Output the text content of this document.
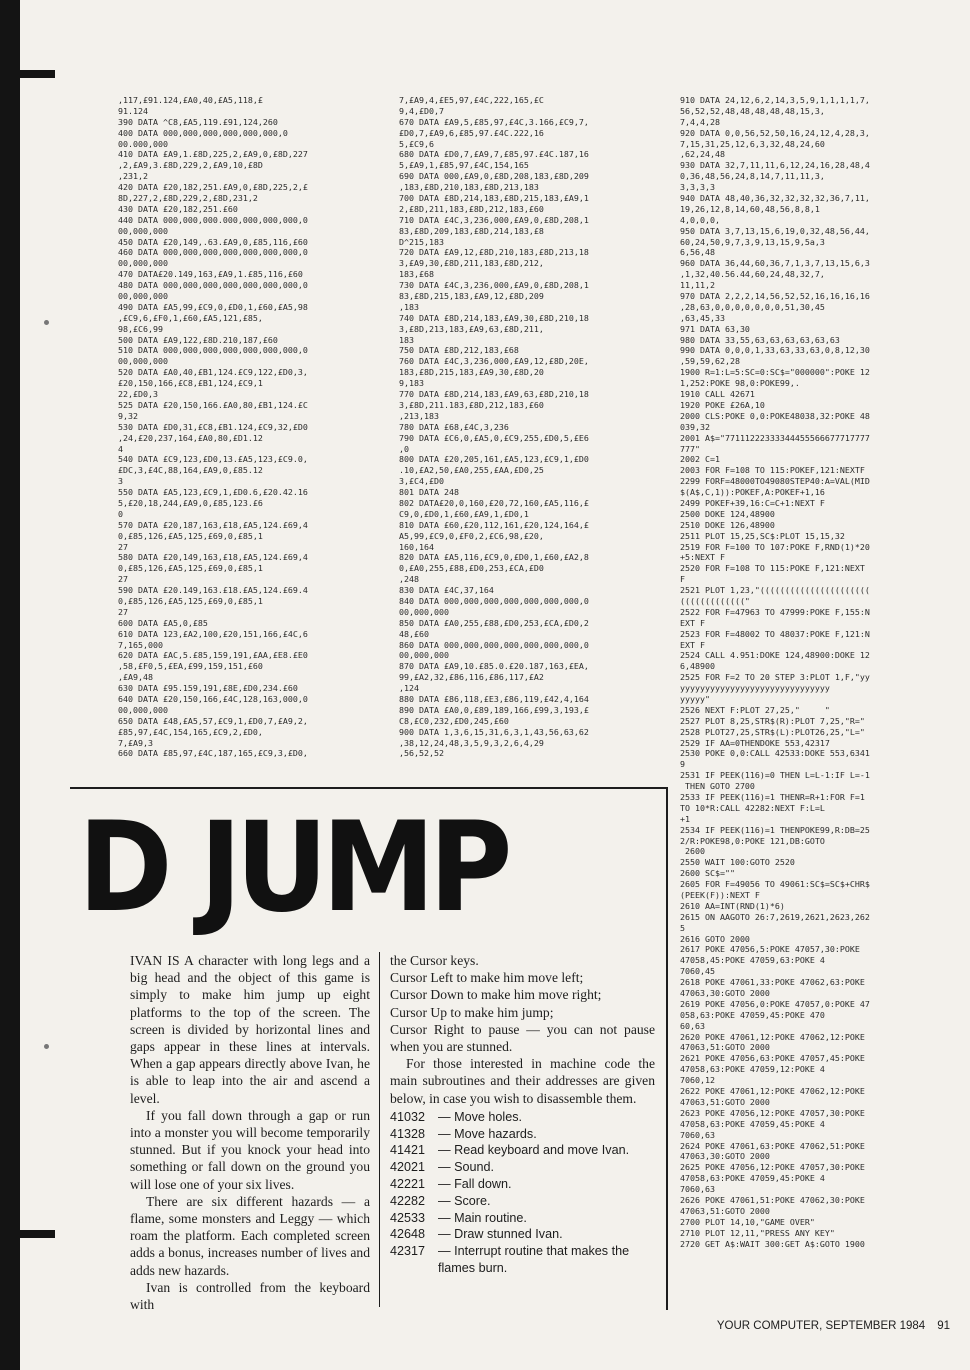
,117,£91.124,£A0,40,£A5,118,£
91.124
390 DATA ^C8,£A5,119.£91,124,260
400 DATA 000,000,000,000,000,000,0
00.000,000
410 DATA £A9,1.£8D,225,2,£A9,0,£8D,227
,2,£A9,3.£8D,229,2,£A9,10,£8D
,231,2
420 DATA £20,182,251.£A9,0,£8D,225,2,£
8D,227,2,£8D,229,2,£8D,231,2
430 DATA £20,182,251.£60
440 DATA 000,000,000.000,000,000,000,0
00,000,000
450 DATA £20,149,.63.£A9,0,£85,116,£60
460 DATA 000,000,000,000,000,000,000,0
00,000,000
470 DATA£20.149,163,£A9,1.£85,116,£60
480 DATA 000,000,000,000,000,000,000,0
00,000,000
490 DATA £A5,99,£C9,0,£D0,1,£60,£A5,98
,£C9,6,£F0,1,£60,£A5,121,£85,
98,£C6,99
500 DATA £A9,122,£8D.210,187,£60
510 DATA 000,000,000,000,000,000,000,0
00,000,000
520 DATA £A0,40,£B1,124.£C9,122,£D0,3,
£20,150,166,£C8,£B1,124,£C9,1
22,£D0,3
525 DATA £20,150,166.£A0,80,£B1,124.£C
9,32
530 DATA £D0,31,£C8,£B1.124,£C9,32,£D0
,24,£20,237,164,£A0,80,£D1.12
4
540 DATA £C9,123,£D0,13.£A5,123,£C9.0,
£DC,3,£4C,88,164,£A9,0,£85.12
3
550 DATA £A5,123,£C9,1,£D0.6,£20.42.16
5,£20,18,244,£A9,0,£85,123.£6
0
570 DATA £20,187,163,£18,£A5,124.£69,4
0,£85,126,£A5,125,£69,0,£85,1
27
580 DATA £20,149,163,£18,£A5,124.£69,4
0,£85,126,£A5,125,£69,0,£85,1
27
590 DATA £20.149,163.£18.£A5,124.£69.4
0,£85,126,£A5,125,£69,0,£85,1
27
600 DATA £A5,0,£85
610 DATA 123,£A2,100,£20,151,166,£4C,6
7,165,000
620 DATA £AC,5.£85,159,191,£AA,£E8.£E0
,58,£F0,5,£EA,£99,159,151,£60
,£A9,48
630 DATA £95.159,191,£8E,£D0,234.£60
640 DATA £20,150,166,£4C,128,163,000,0
00,000,000
650 DATA £48,£A5,57,£C9,1,£D0,7,£A9,2,
£85,97,£4C,154,165,£C9,2,£D0,
7,£A9,3
660 DATA £85,97,£4C,187,165,£C9,3,£D0,
7,£A9,4,£E5,97,£4C,222,165,£C
9,4,£D0,7
670 DATA £A9,5,£85,97,£4C,3.166,£C9,7,
£D0,7,£A9,6,£85,97.£4C.222,16
5,£C9,6
680 DATA £D0,7,£A9,7,£85,97.£4C.187,16
5,£A9,1,£85,97,£4C,154,165
690 DATA 000,£A9,0,£8D,208,183,£8D,209
,183,£8D,210,183,£8D,213,183
700 DATA £8D,214,183,£8D,215,183,£A9,1
2,£8D,211,183,£8D,212,183,£60
710 DATA £4C,3,236,000,£A9,0,£8D,208,1
83,£8D,209,183,£8D,214,183,£8
D^215,183
720 DATA £A9,12,£8D,210,183,£8D,213,18
3,£A9,30,£8D,211,183,£8D,212,
183,£68
730 DATA £4C,3,236,000,£A9,0,£8D,208,1
83,£8D,215,183,£A9,12,£8D,209
,183
740 DATA £8D,214,183,£A9,30,£8D,210,18
3,£8D,213,183,£A9,63,£8D,211,
183
750 DATA £8D,212,183,£68
760 DATA £4C,3,236,000,£A9,12,£8D,20E,
183,£8D,215,183,£A9,30,£8D,20
9,183
770 DATA £8D,214,183,£A9,63,£8D,210,18
3,£8D,211.183,£8D,212,183,£60
,213,183
780 DATA £68,£4C,3,236
790 DATA £C6,0,£A5,0,£C9,255,£D0,5,£E6
,0
800 DATA £20,205,161,£A5,123,£C9,1,£D0
.10,£A2,50,£A0,255,£AA,£D0,25
3,£C4,£D0
801 DATA 248
802 DATA£20,0,160,£20,72,160,£A5,116,£
C9,0,£D0,1,£60,£A9,1,£D0,1
810 DATA £60,£20,112,161,£20,124,164,£
A5,99,£C9,0,£F0,2,£C6,98,£20,
160,164
820 DATA £A5,116,£C9,0,£D0,1,£60,£A2,8
0,£A0,255,£88,£D0,253,£CA,£D0
,248
830 DATA £4C,37,164
840 DATA 000,000,000,000,000,000,000,0
00,000,000
850 DATA £A0,255,£88,£D0,253,£CA,£D0,2
48,£60
860 DATA 000,000,000,000,000,000,000,0
00,000,000
870 DATA £A9,10.£85.0.£20.187,163,£EA,
99,£A2,32,£86,116,£86,117,£A2
,124
880 DATA £86,118,£E3,£86,119,£42,4,164
890 DATA £A0,0,£89,189,166,£99,3,193,£
C8,£C0,232,£D0,245,£60
900 DATA 1,3,6,15,31,6,3,1,43,56,63,62
,38,12,24,48,3,5,9,3,2,6,4,29
,56,52,52
910 DATA 24,12,6,2,14,3,5,9,1,1,1,1,7,
56,52,52,48,48,48,48,48,15,3,
7,4,4,28
920 DATA 0,0,56,52,50,16,24,12,4,28,3,
7,15,31,25,12,6,3,32,48,24,60
,62,24,48
930 DATA 32,7,11,11,6,12,24,16,28,48,4
0,36,48,56,24,8,14,7,11,11,3,
3,3,3,3
940 DATA 48,40,36,32,32,32,32,36,7,11,
19,26,12,8,14,60,48,56,8,8,1
4,0,0,0,
950 DATA 3,7,13,15,6,19,0,32,48,56,44,
60,24,50,9,7,3,9,13,15,9,5a,3
6,56,48
960 DATA 36,44,60,36,7,1,3,7,13,15,6,3
,1,32,40.56.44,60,24,48,32,7,
11,11,2
970 DATA 2,2,2,14,56,52,52,16,16,16,16
,28,63,0,0,0,0,0,0,0,51,30,45
,63,45,33
971 DATA 63,30
980 DATA 33,55,63,63,63,63,63,63
990 DATA 0,0,0,1,33,63,33,63,0,8,12,30
,59,59,62,28
1900 R=1:L=5:SC=0:SC$="000000":POKE 12
1,252:POKE 98,0:POKE99,.
1910 CALL 42671
1920 POKE £26A,10
2000 CLS:POKE 0,0:POKE48038,32:POKE 48
039,32
2001 A$="77111222333344455566677717777
777"
2002 C=1
2003 FOR F=108 TO 115:POKEF,121:NEXTF
2299 FORF=48000TO49080STEP40:A=VAL(MID
$(A$,C,1)):POKEF,A:POKEF+1,16
2499 POKEF+39,16:C=C+1:NEXT F
2500 DOKE 124,48900
2510 DOKE 126,48900
2511 PLOT 15,25,SC$:PLOT 15,15,32
2519 FOR F=100 TO 107:POKE F,RND(1)*20
+5:NEXT F
2520 FOR F=108 TO 115:POKE F,121:NEXT
F
2521 PLOT 1,23,"((((((((((((((((((((((
((((((((((((("
2522 FOR F=47963 TO 47999:POKE F,155:N
EXT F
2523 FOR F=48002 TO 48037:POKE F,121:N
EXT F
2524 CALL 4.951:DOKE 124,48900:DOKE 12
6,48900
2525 FOR F=2 TO 20 STEP 3:PLOT 1,F,"yy
yyyyyyyyyyyyyyyyyyyyyyyyyyyyyy
yyyyy"
2526 NEXT F:PLOT 27,25,"     "
2527 PLOT 8,25,STR$(R):PLOT 7,25,"R="
2528 PLOT27,25,STR$(L):PLOT26,25,"L="
2529 IF AA=0THENDOKE 553,42317
2530 POKE 0,0:CALL 42533:DOKE 553,6341
9
2531 IF PEEK(116)=0 THEN L=L-1:IF L=-1
THEN GOTO 2700
2533 IF PEEK(116)=1 THENR=R+1:FOR F=1
TO 10*R:CALL 42282:NEXT F:L=L
+1
2534 IF PEEK(116)=1 THENPOKE99,R:DB=25
2/R:POKE98,0:POKE 121,DB:GOTO
2600
2550 WAIT 100:GOTO 2520
2600 SC$=""
2605 FOR F=49056 TO 49061:SC$=SC$+CHR$
(PEEK(F)):NEXT F
2610 AA=INT(RND(1)*6)
2615 ON AAGOTO 26:7,2619,2621,2623,262
5
2616 GOTO 2000
2617 POKE 47056,5:POKE 47057,30:POKE
47058,45:POKE 47059,63:POKE 4
7060,45
2618 POKE 47061,33:POKE 47062,63:POKE
47063,30:GOTO 2000
2619 POKE 47056,0:POKE 47057,0:POKE 47
058,63:POKE 47059,45:POKE 470
60,63
2620 POKE 47061,12:POKE 47062,12:POKE
47063,51:GOTO 2000
2621 POKE 47056,63:POKE 47057,45:POKE
47058,63:POKE 47059,12:POKE 4
7060,12
2622 POKE 47061,12:POKE 47062,12:POKE
47063,51:GOTO 2000
2623 POKE 47056,12:POKE 47057,30:POKE
47058,63:POKE 47059,45:POKE 4
7060,63
2624 POKE 47061,63:POKE 47062,51:POKE
47063,30:GOTO 2000
2625 POKE 47056,12:POKE 47057,30:POKE
47058,63:POKE 47059,45:POKE 4
7060,63
2626 POKE 47061,51:POKE 47062,30:POKE
47063,51:GOTO 2000
2700 PLOT 14,10,"GAME OVER"
2710 PLOT 12,11,"PRESS ANY KEY"
2720 GET A$:WAIT 300:GET A$:GOTO 1900
D JUMP

IVAN IS A character with long legs and a big head and the object of this game is simply to make him jump up eight platforms to the top of the screen. The screen is divided by horizontal lines and gaps appear in these lines at intervals. When a gap appears directly above Ivan, he is able to leap into the air and ascend a level.

If you fall down through a gap or run into a monster you will become temporarily stunned. But if you knock your head into something or fall down on the ground you will lose one of your six lives.

There are six different hazards — a flame, some monsters and Leggy — which roam the platform. Each completed screen adds a bonus, increases number of lives and adds new hazards.

Ivan is controlled from the keyboard with

the Cursor keys.

Cursor Left to make him move left;

Cursor Down to make him move right;

Cursor Up to make him jump;

Cursor Right to pause — you can not pause when you are stunned.

For those interested in machine code the main subroutines and their addresses are given below, in case you wish to disassemble them.

41032	— Move holes.
41328	— Move hazards.
41421	— Read keyboard and move Ivan.
42021	— Sound.
42221	— Fall down.
42282	— Score.
42533	— Main routine.
42648	— Draw stunned Ivan.
42317	— Interrupt routine that makes the flames burn.
YOUR COMPUTER, SEPTEMBER 1984 91
